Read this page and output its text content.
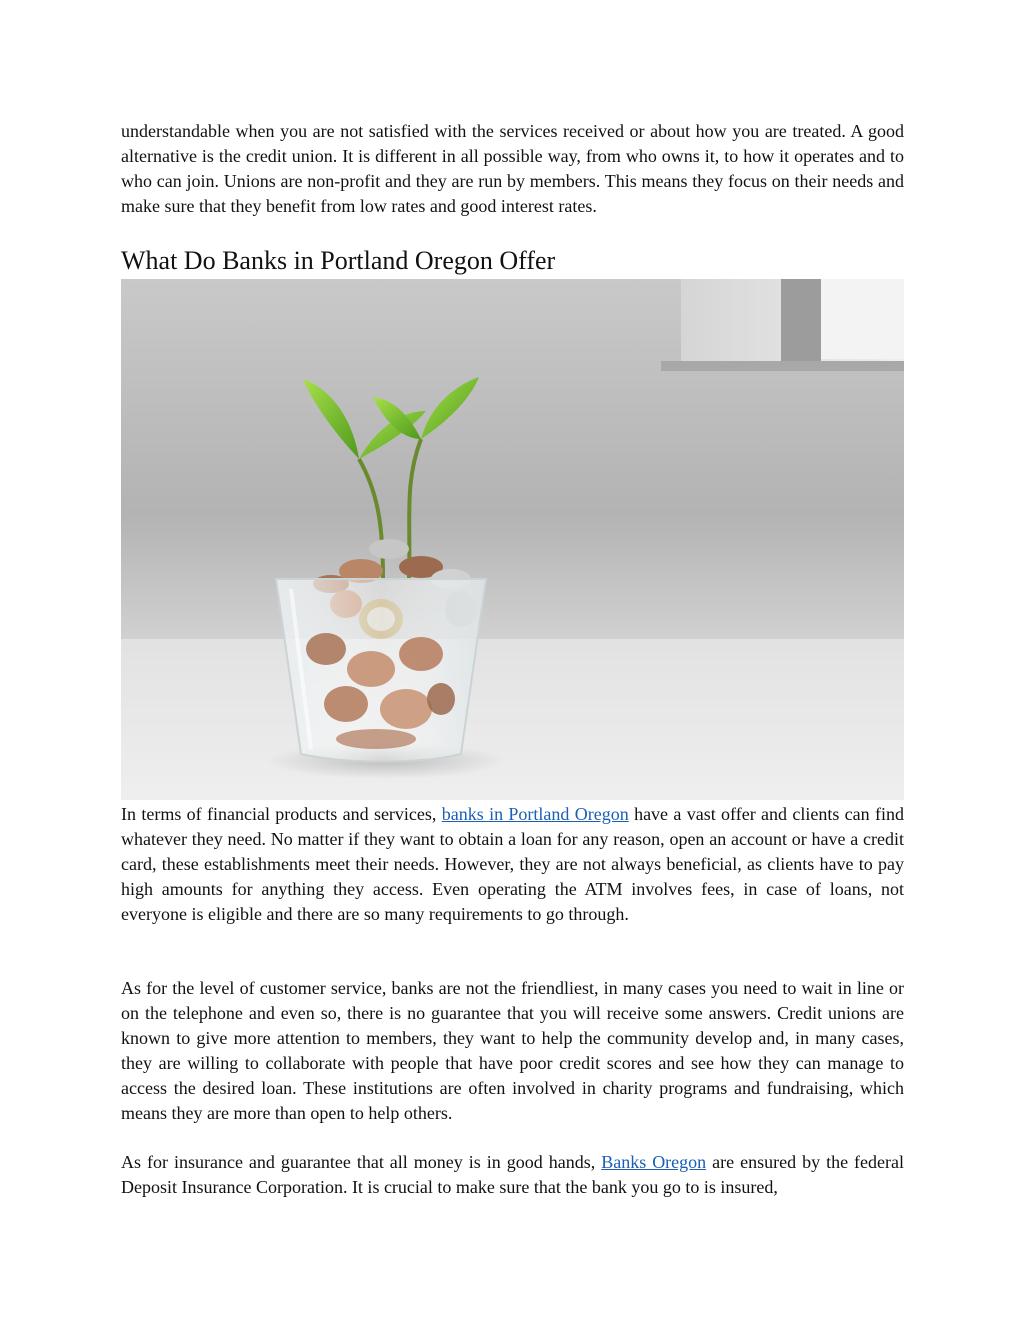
understandable when you are not satisfied with the services received or about how you are treated. A good alternative is the credit union. It is different in all possible way, from who owns it, to how it operates and to who can join. Unions are non-profit and they are run by members. This means they focus on their needs and make sure that they benefit from low rates and good interest rates.

What Do Banks in Portland Oregon Offer

In terms of financial products and services, banks in Portland Oregon have a vast offer and clients can find whatever they need. No matter if they want to obtain a loan for any reason, open an account or have a credit card, these establishments meet their needs. However, they are not always beneficial, as clients have to pay high amounts for anything they access. Even operating the ATM involves fees, in case of loans, not everyone is eligible and there are so many requirements to go through.

As for the level of customer service, banks are not the friendliest, in many cases you need to wait in line or on the telephone and even so, there is no guarantee that you will receive some answers. Credit unions are known to give more attention to members, they want to help the community develop and, in many cases, they are willing to collaborate with people that have poor credit scores and see how they can manage to access the desired loan. These institutions are often involved in charity programs and fundraising, which means they are more than open to help others.

As for insurance and guarantee that all money is in good hands, Banks Oregon are ensured by the federal Deposit Insurance Corporation. It is crucial to make sure that the bank you go to is insured,
